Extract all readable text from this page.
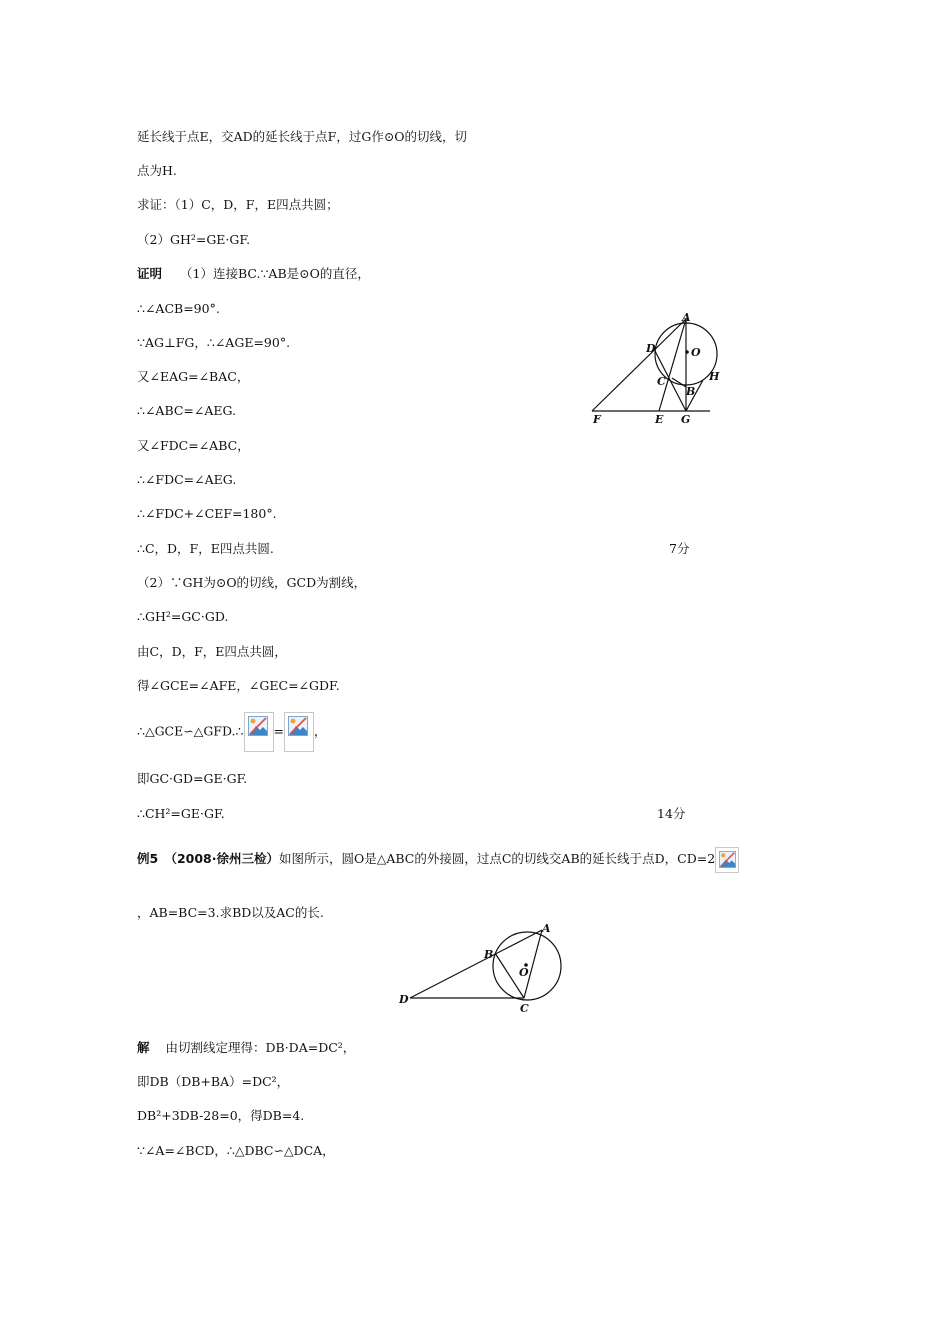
延长线于点E，交AD的延长线于点F，过G作⊙O的切线，切
点为H.
求证：（1）C，D，F，E四点共圆；
（2）GH²=GE·GF.
证明 （1）连接BC.∵AB是⊙O的直径，
∴∠ACB=90°.
∵AG⊥FG，∴∠AGE=90°.
又∠EAG=∠BAC，
∴∠ABC=∠AEG.
又∠FDC=∠ABC，
∴∠FDC=∠AEG.
∴∠FDC+∠CEF=180°.
∴C，D，F，E四点共圆.	7分
（2）∵GH为⊙O的切线，GCD为割线，
∴GH²=GC·GD.
由C，D，F，E四点共圆，
得∠GCE=∠AFE，∠GEC=∠GDF.
∴△GCE∽△GFD.∴ = ，
即GC·GD=GE·GF.
∴CH²=GE·GF.	14分
例5　（2008·徐州三检）如图所示，圆O是△ABC的外接圆，过点C的切线交AB的延长线于点D，CD=2
，AB=BC=3.求BD以及AC的长.
解 由切割线定理得：DB·DA=DC²，
即DB（DB+BA）=DC²，
DB²+3DB-28=0，得DB=4.
∵∠A=∠BCD，∴△DBC∽△DCA，
A
D	O
C	H
B
F	E G
A
B
O
D
C
